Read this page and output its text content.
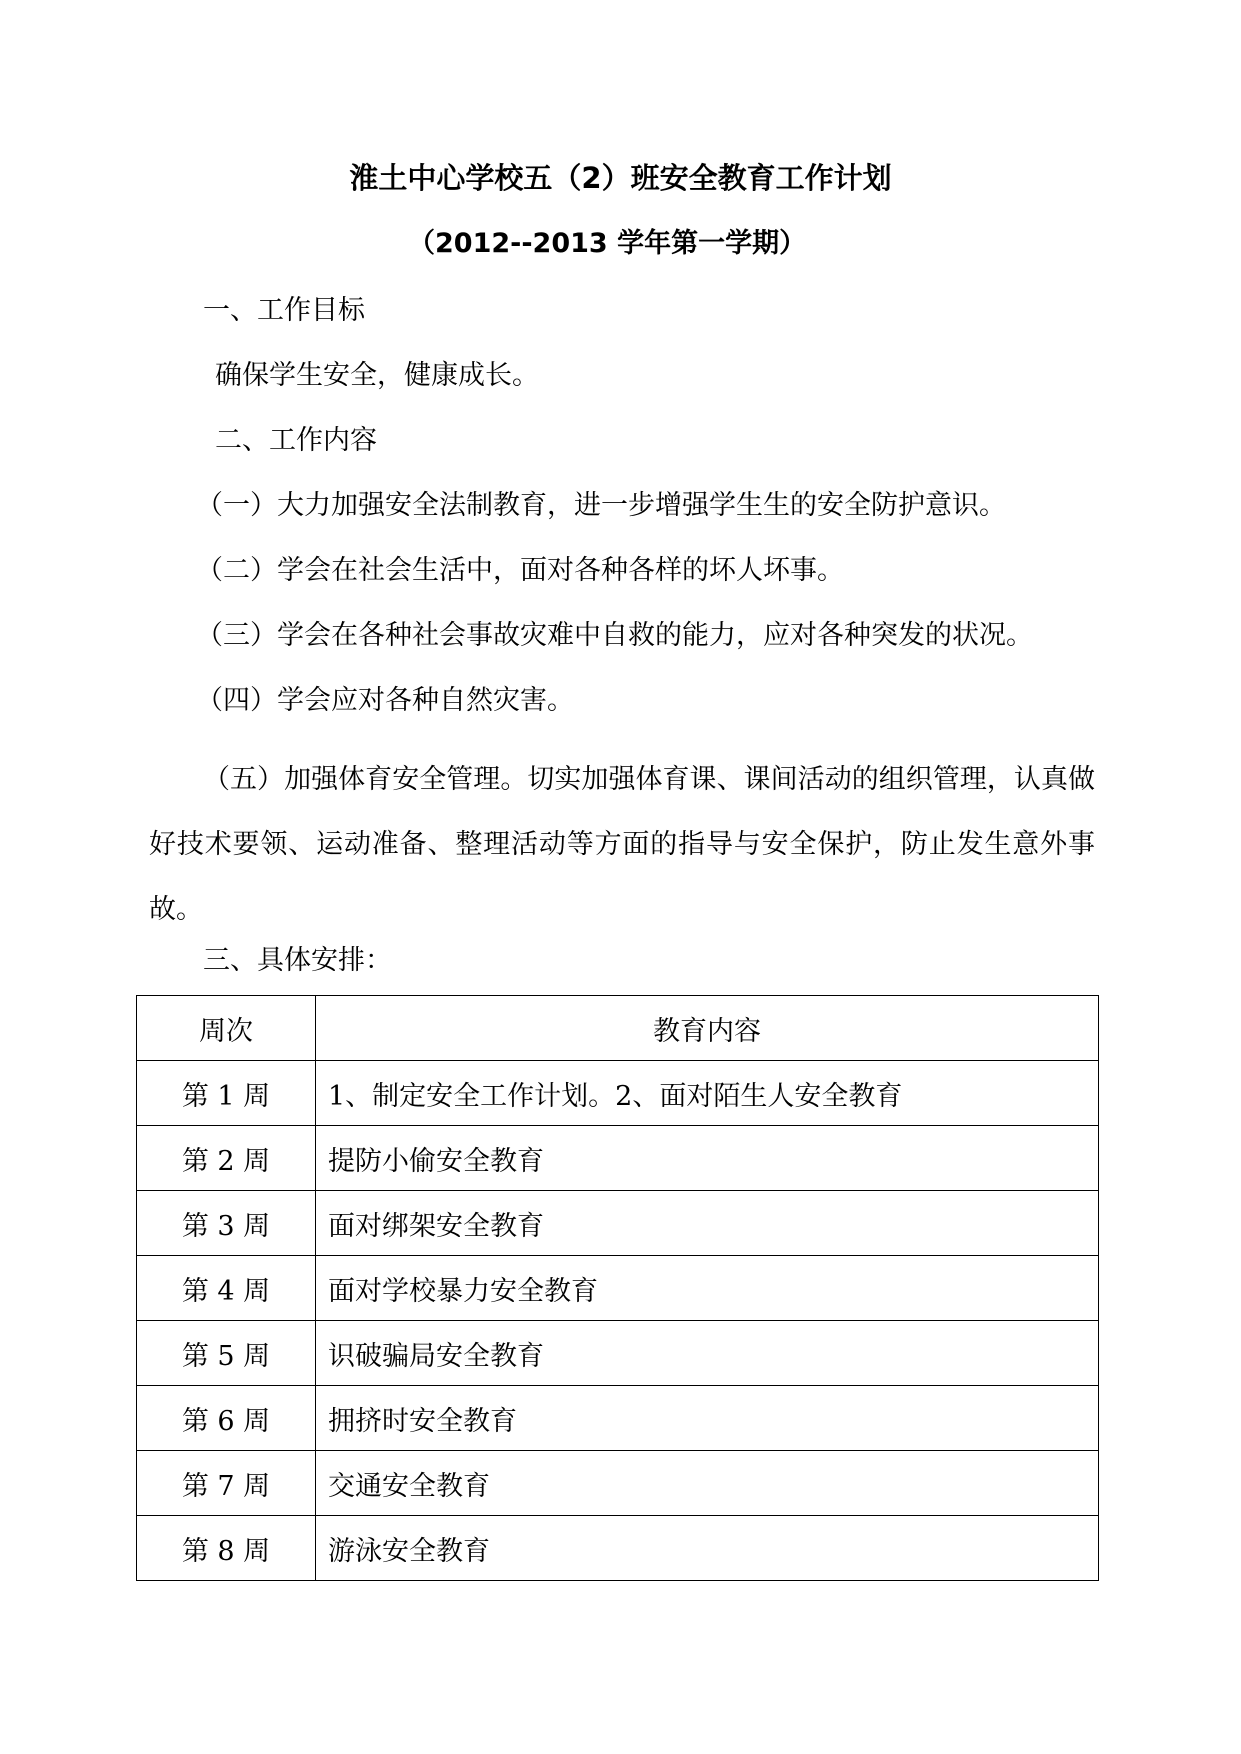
淮土中心学校五（2）班安全教育工作计划
（2012--2013 学年第一学期）
一、工作目标
确保学生安全，健康成长。
二、工作内容
（一）大力加强安全法制教育，进一步增强学生生的安全防护意识。
（二）学会在社会生活中，面对各种各样的坏人坏事。
（三）学会在各种社会事故灾难中自救的能力，应对各种突发的状况。
（四）学会应对各种自然灾害。
（五）加强体育安全管理。切实加强体育课、课间活动的组织管理，认真做好技术要领、运动准备、整理活动等方面的指导与安全保护，防止发生意外事故。
三、具体安排：
周次	教育内容
第 1 周	1、制定安全工作计划。2、面对陌生人安全教育
第 2 周	提防小偷安全教育
第 3 周	面对绑架安全教育
第 4 周	面对学校暴力安全教育
第 5 周	识破骗局安全教育
第 6 周	拥挤时安全教育
第 7 周	交通安全教育
第 8 周	游泳安全教育
